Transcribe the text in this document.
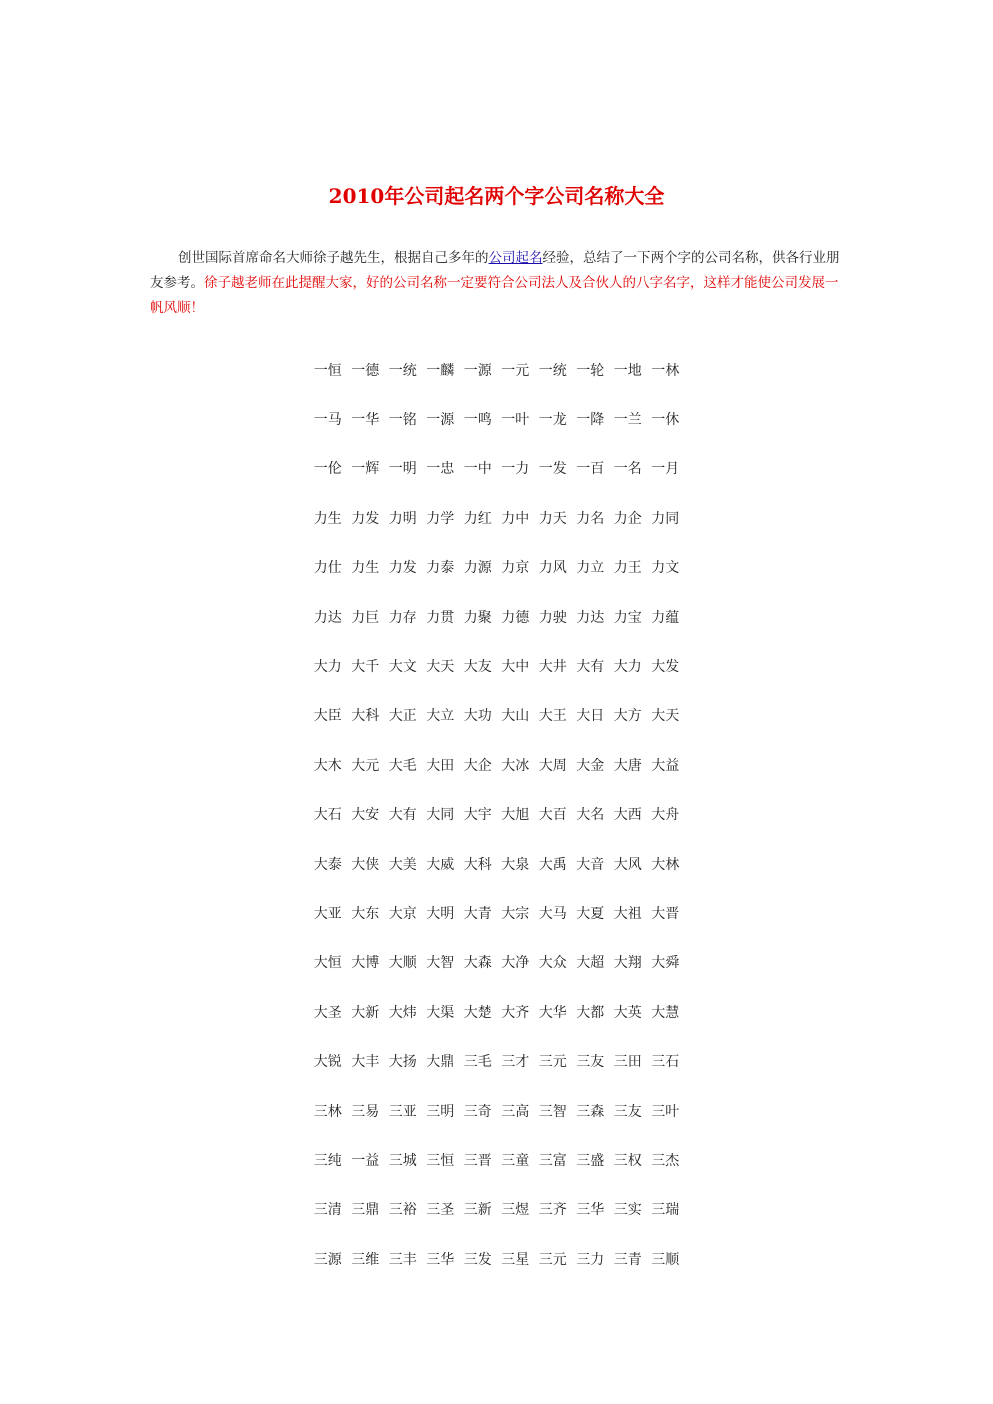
2010年公司起名两个字公司名称大全

创世国际首席命名大师徐子越先生，根据自己多年的公司起名经验，总结了一下两个字的公司名称，供各行业朋友参考。徐子越老师在此提醒大家，好的公司名称一定要符合公司法人及合伙人的八字名字，这样才能使公司发展一帆风顺！

一恒 一德 一统 一麟 一源 一元 一统 一轮 一地 一林
一马 一华 一铭 一源 一鸣 一叶 一龙 一降 一兰 一休
一伦 一辉 一明 一忠 一中 一力 一发 一百 一名 一月
力生 力发 力明 力学 力红 力中 力天 力名 力企 力同
力仕 力生 力发 力泰 力源 力京 力风 力立 力王 力文
力达 力巨 力存 力贯 力聚 力德 力驶 力达 力宝 力蕴
大力 大千 大文 大天 大友 大中 大井 大有 大力 大发
大臣 大科 大正 大立 大功 大山 大王 大日 大方 大天
大木 大元 大毛 大田 大企 大冰 大周 大金 大唐 大益
大石 大安 大有 大同 大宇 大旭 大百 大名 大西 大舟
大泰 大侠 大美 大威 大科 大泉 大禹 大音 大风 大林
大亚 大东 大京 大明 大青 大宗 大马 大夏 大祖 大晋
大恒 大博 大顺 大智 大森 大净 大众 大超 大翔 大舜
大圣 大新 大炜 大渠 大楚 大齐 大华 大都 大英 大慧
大锐 大丰 大扬 大鼎 三毛 三才 三元 三友 三田 三石
三林 三易 三亚 三明 三奇 三高 三智 三森 三友 三叶
三纯 一益 三城 三恒 三晋 三童 三富 三盛 三权 三杰
三清 三鼎 三裕 三圣 三新 三煜 三齐 三华 三实 三瑞
三源 三维 三丰 三华 三发 三星 三元 三力 三青 三顺
